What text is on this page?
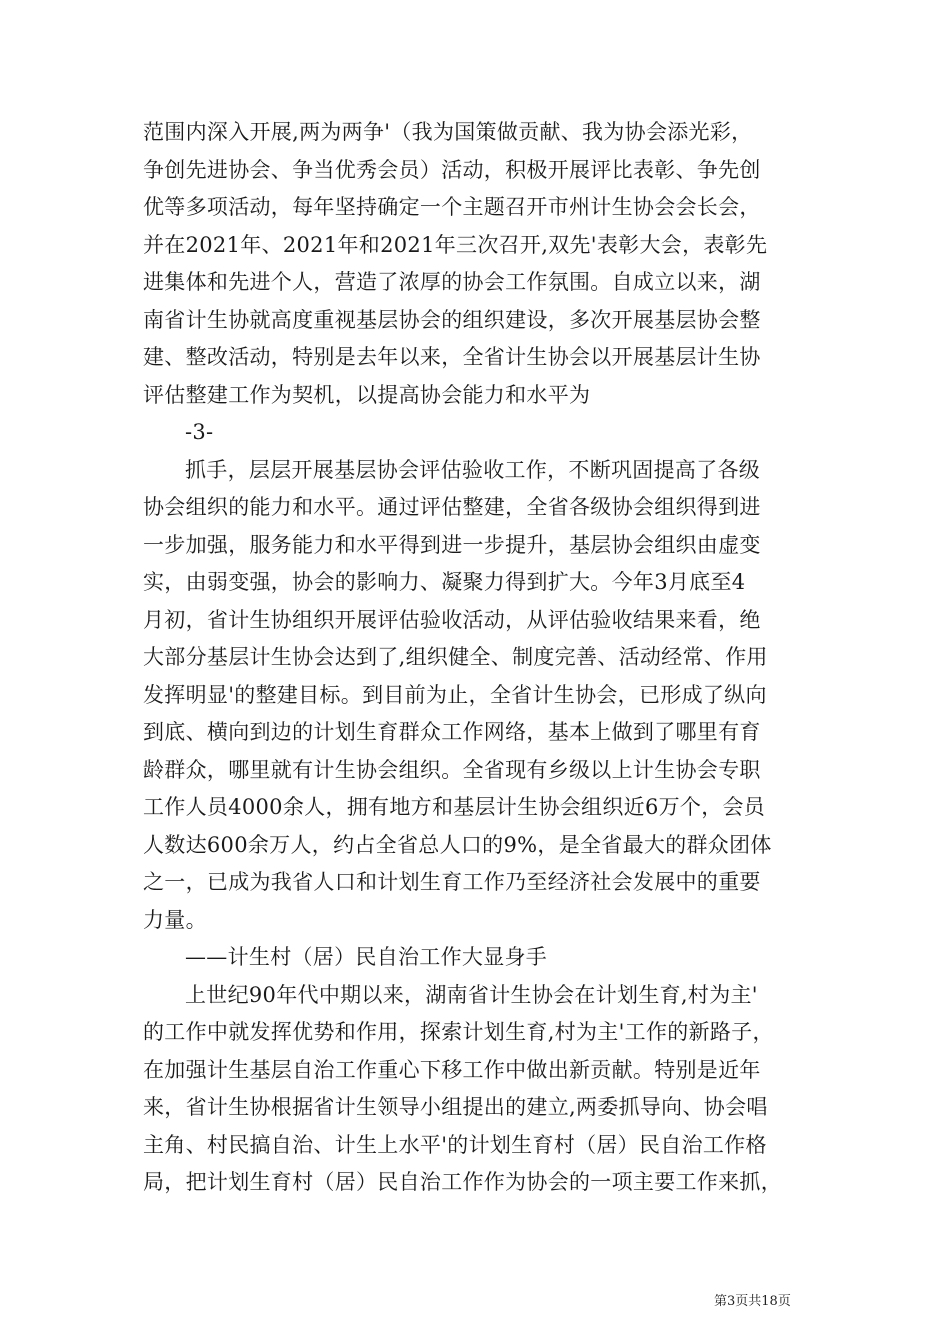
范围内深入开展,两为两争'（我为国策做贡献、我为协会添光彩，
争创先进协会、争当优秀会员）活动，积极开展评比表彰、争先创
优等多项活动，每年坚持确定一个主题召开市州计生协会会长会，
并在2021年、2021年和2021年三次召开,双先'表彰大会，表彰先
进集体和先进个人，营造了浓厚的协会工作氛围。自成立以来，湖
南省计生协就高度重视基层协会的组织建设，多次开展基层协会整
建、整改活动，特别是去年以来，全省计生协会以开展基层计生协
评估整建工作为契机，以提高协会能力和水平为
-3-
抓手，层层开展基层协会评估验收工作，不断巩固提高了各级
协会组织的能力和水平。通过评估整建，全省各级协会组织得到进
一步加强，服务能力和水平得到进一步提升，基层协会组织由虚变
实，由弱变强，协会的影响力、凝聚力得到扩大。今年3月底至4
月初，省计生协组织开展评估验收活动，从评估验收结果来看，绝
大部分基层计生协会达到了,组织健全、制度完善、活动经常、作用
发挥明显'的整建目标。到目前为止，全省计生协会，已形成了纵向
到底、横向到边的计划生育群众工作网络，基本上做到了哪里有育
龄群众，哪里就有计生协会组织。全省现有乡级以上计生协会专职
工作人员4000余人，拥有地方和基层计生协会组织近6万个，会员
人数达600余万人，约占全省总人口的9%，是全省最大的群众团体
之一，已成为我省人口和计划生育工作乃至经济社会发展中的重要
力量。
——计生村（居）民自治工作大显身手
上世纪90年代中期以来，湖南省计生协会在计划生育,村为主'
的工作中就发挥优势和作用，探索计划生育,村为主'工作的新路子，
在加强计生基层自治工作重心下移工作中做出新贡献。特别是近年
来，省计生协根据省计生领导小组提出的建立,两委抓导向、协会唱
主角、村民搞自治、计生上水平'的计划生育村（居）民自治工作格
局，把计划生育村（居）民自治工作作为协会的一项主要工作来抓，
第3页共18页
